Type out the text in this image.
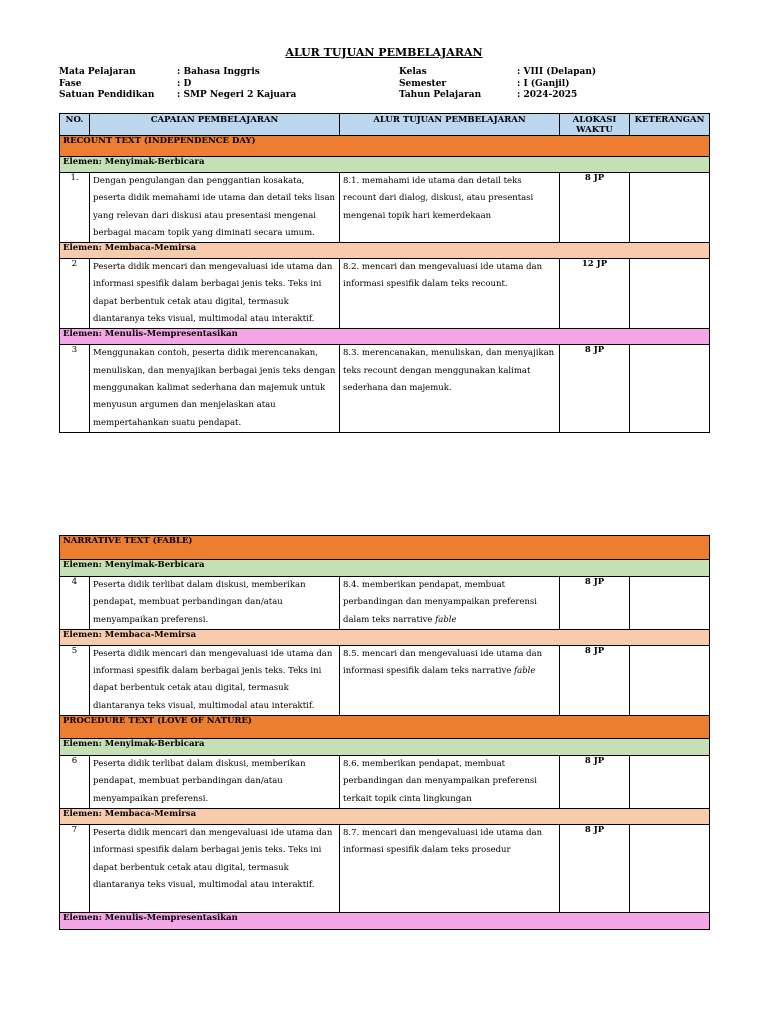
ALUR TUJUAN PEMBELAJARAN
Mata Pelajaran	: Bahasa Inggris
Fase	: D
Satuan Pendidikan	: SMP Negeri 2 Kajuara
Kelas	: VIII (Delapan)
Semester	: I (Ganjil)
Tahun Pelajaran	: 2024-2025
NO.	CAPAIAN PEMBELAJARAN	ALUR TUJUAN PEMBELAJARAN	ALOKASI WAKTU	KETERANGAN
RECOUNT TEXT (INDEPENDENCE DAY)				
Elemen: Menyimak-Berbicara				
1.	Dengan pengulangan dan penggantian kosakata, peserta didik memahami ide utama dan detail teks lisan yang relevan dari diskusi atau presentasi mengenai berbagai macam topik yang diminati secara umum.	8.1. memahami ide utama dan detail teks recount dari dialog, diskusi, atau presentasi mengenai topik hari kemerdekaan	8 JP	
Elemen: Membaca-Memirsa				
2	Peserta didik mencari dan mengevaluasi ide utama dan informasi spesifik dalam berbagai jenis teks. Teks ini dapat berbentuk cetak atau digital, termasuk diantaranya teks visual, multimodal atau interaktif.	8.2. mencari dan mengevaluasi ide utama dan informasi spesifik dalam teks recount.	12 JP	
Elemen: Menulis-Mempresentasikan				
3	Menggunakan contoh, peserta didik merencanakan, menuliskan, dan menyajikan berbagai jenis teks dengan menggunakan kalimat sederhana dan majemuk untuk menyusun argumen dan menjelaskan atau mempertahankan suatu pendapat.	8.3. merencanakan, menuliskan, dan menyajikan teks recount dengan menggunakan kalimat sederhana dan majemuk.	8 JP	
NARRATIVE TEXT (FABLE)				
Elemen: Menyimak-Berbicara				
4	Peserta didik terlibat dalam diskusi, memberikan pendapat, membuat perbandingan dan/atau menyampaikan preferensi.	8.4. memberikan pendapat, membuat perbandingan dan menyampaikan preferensi dalam teks narrative fable	8 JP	
Elemen: Membaca-Memirsa				
5	Peserta didik mencari dan mengevaluasi ide utama dan informasi spesifik dalam berbagai jenis teks. Teks ini dapat berbentuk cetak atau digital, termasuk diantaranya teks visual, multimodal atau interaktif.	8.5. mencari dan mengevaluasi ide utama dan informasi spesifik dalam teks narrative fable	8 JP	
PROCEDURE TEXT (LOVE OF NATURE)				
Elemen: Menyimak-Berbicara				
6	Peserta didik terlibat dalam diskusi, memberikan pendapat, membuat perbandingan dan/atau menyampaikan preferensi.	8.6. memberikan pendapat, membuat perbandingan dan menyampaikan preferensi terkait topik cinta lingkungan	8 JP	
Elemen: Membaca-Memirsa				
7	Peserta didik mencari dan mengevaluasi ide utama dan informasi spesifik dalam berbagai jenis teks. Teks ini dapat berbentuk cetak atau digital, termasuk diantaranya teks visual, multimodal atau interaktif.	8.7. mencari dan mengevaluasi ide utama dan informasi spesifik dalam teks prosedur	8 JP	
Elemen: Menulis-Mempresentasikan				
